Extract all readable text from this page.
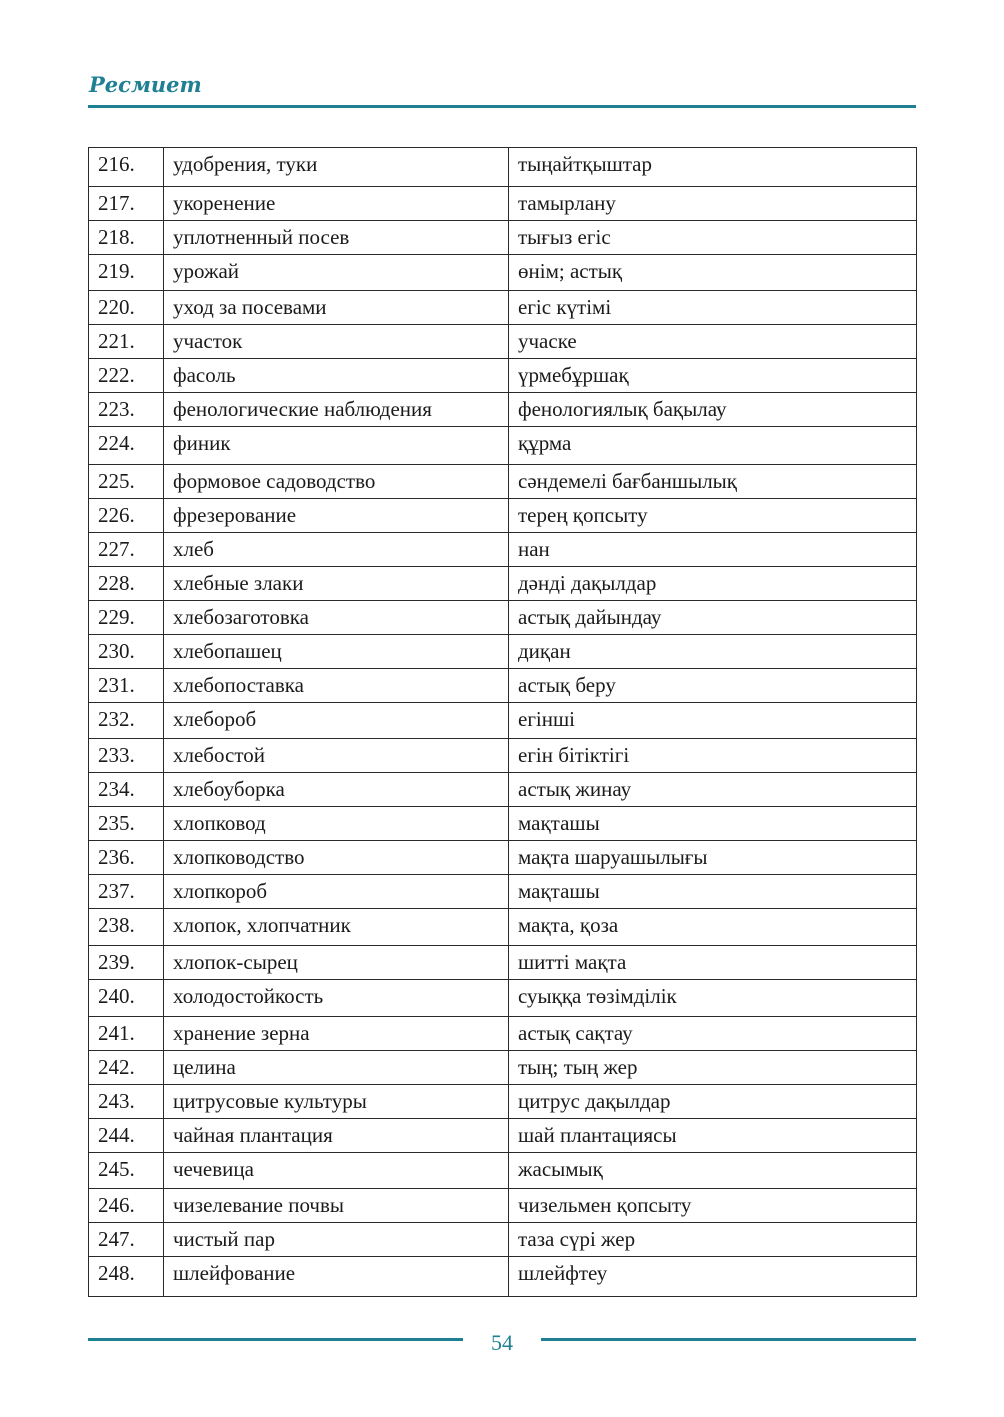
Ресмиет
216.	удобрения, туки	тыңайтқыштар

217.	укоренение	тамырлану

218.	уплотненный посев	тығыз егіс

219.	урожай	өнім; астық

220.	уход за посевами	егіс күтімі

221.	участок	учаске

222.	фасоль	үрмебұршақ

223.	фенологические наблюдения	фенологиялық бақылау

224.	финик	құрма

225.	формовое садоводство	сәндемелі бағбаншылық

226.	фрезерование	терең қопсыту

227.	хлеб	нан

228.	хлебные злаки	дәнді дақылдар

229.	хлебозаготовка	астық дайындау

230.	хлебопашец	диқан

231.	хлебопоставка	астық беру

232.	хлебороб	егінші

233.	хлебостой	егін бітіктігі

234.	хлебоуборка	астық жинау

235.	хлопковод	мақташы

236.	хлопководство	мақта шаруашылығы

237.	хлопкороб	мақташы

238.	хлопок, хлопчатник	мақта, қоза

239.	хлопок-сырец	шитті мақта

240.	холодостойкость	суыққа төзімділік

241.	хранение зерна	астық сақтау

242.	целина	тың; тың жер

243.	цитрусовые культуры	цитрус дақылдар

244.	чайная плантация	шай плантациясы

245.	чечевица	жасымық

246.	чизелевание почвы	чизельмен қопсыту

247.	чистый пар	таза сүрі жер

248.	шлейфование	шлейфтеу
54
